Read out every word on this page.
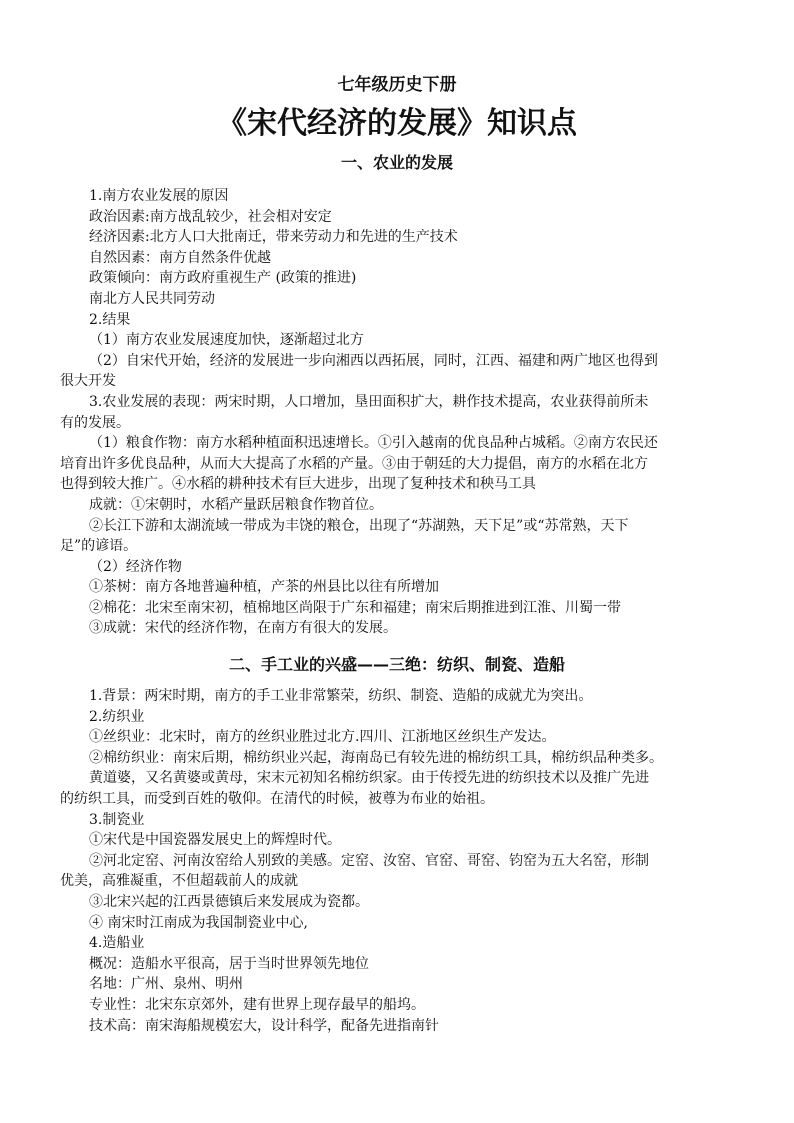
七年级历史下册
《宋代经济的发展》知识点
一、农业的发展
1.南方农业发展的原因
政治因素:南方战乱较少，社会相对安定
经济因素:北方人口大批南迁，带来劳动力和先进的生产技术
自然因素：南方自然条件优越
政策倾向：南方政府重视生产 (政策的推进)
南北方人民共同劳动
2.结果
（1）南方农业发展速度加快，逐渐超过北方
（2）自宋代开始，经济的发展进一步向湘西以西拓展，同时，江西、福建和两广地区也得到
很大开发
3.农业发展的表现：两宋时期，人口增加，垦田面积扩大，耕作技术提高，农业获得前所未
有的发展。
（1）粮食作物：南方水稻种植面积迅速增长。①引入越南的优良品种占城稻。②南方农民还
培育出许多优良品种，从而大大提高了水稻的产量。③由于朝廷的大力提倡，南方的水稻在北方
也得到较大推广。④水稻的耕种技术有巨大进步，出现了复种技术和秧马工具
成就：①宋朝时，水稻产量跃居粮食作物首位。
②长江下游和太湖流域一带成为丰饶的粮仓，出现了“苏湖熟，天下足”或“苏常熟，天下
足”的谚语。
（2）经济作物
①茶树：南方各地普遍种植，产茶的州县比以往有所增加
②棉花：北宋至南宋初，植棉地区尚限于广东和福建；南宋后期推进到江淮、川蜀一带
③成就：宋代的经济作物，在南方有很大的发展。
二、手工业的兴盛——三绝：纺织、制瓷、造船
1.背景：两宋时期，南方的手工业非常繁荣，纺织、制瓷、造船的成就尤为突出。
2.纺织业
①丝织业：北宋时，南方的丝织业胜过北方.四川、江浙地区丝织生产发达。
②棉纺织业：南宋后期，棉纺织业兴起，海南岛已有较先进的棉纺织工具，棉纺织品种类多。
黄道婆，又名黄婆或黄母，宋末元初知名棉纺织家。由于传授先进的纺织技术以及推广先进
的纺织工具，而受到百姓的敬仰。在清代的时候，被尊为布业的始祖。
3.制瓷业
①宋代是中国瓷器发展史上的辉煌时代。
②河北定窑、河南汝窑给人别致的美感。定窑、汝窑、官窑、哥窑、钧窑为五大名窑，形制
优美，高雅凝重，不但超载前人的成就
③北宋兴起的江西景德镇后来发展成为瓷都。
④ 南宋时江南成为我国制瓷业中心,
4.造船业
概况：造船水平很高，居于当时世界领先地位
名地：广州、泉州、明州
专业性：北宋东京郊外，建有世界上现存最早的船坞。
技术高：南宋海船规模宏大，设计科学，配备先进指南针
